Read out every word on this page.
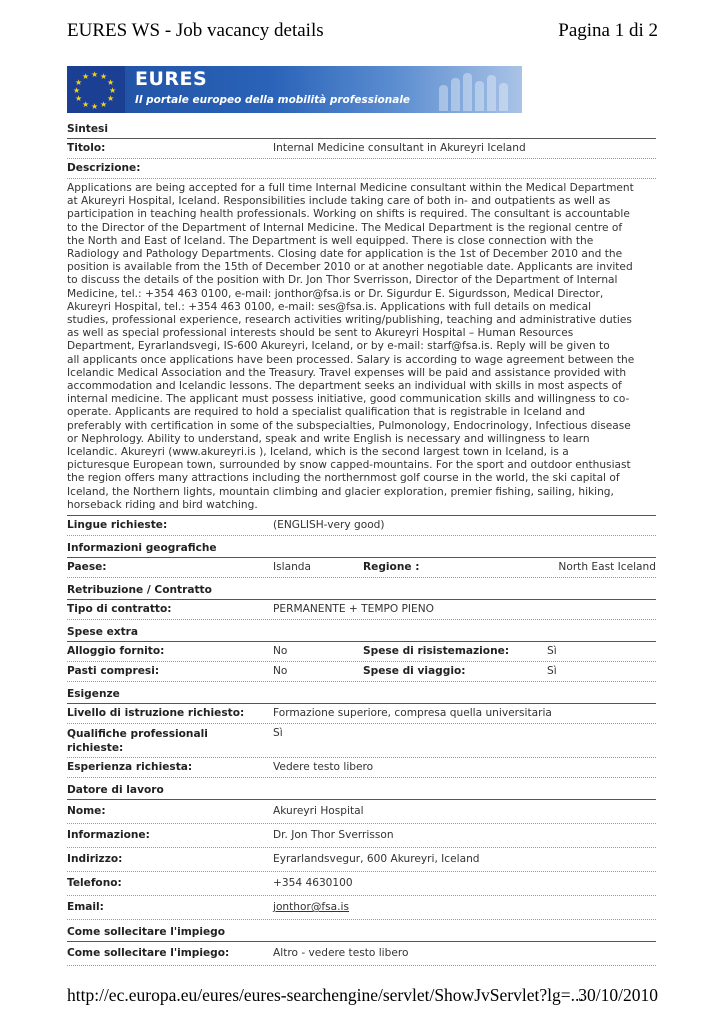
EURES WS - Job vacancy details	Pagina 1 di 2
★ ★
★
★
★
★
★
★
★
★
★
★ EURES
Il portale europeo della mobilità professionale
Sintesi
Titolo:	Internal Medicine consultant in Akureyri Iceland
Descrizione:

Applications are being accepted for a full time Internal Medicine consultant within the Medical Department
at Akureyri Hospital, Iceland. Responsibilities include taking care of both in- and outpatients as well as
participation in teaching health professionals. Working on shifts is required. The consultant is accountable
to the Director of the Department of Internal Medicine. The Medical Department is the regional centre of
the North and East of Iceland. The Department is well equipped. There is close connection with the
Radiology and Pathology Departments. Closing date for application is the 1st of December 2010 and the
position is available from the 15th of December 2010 or at another negotiable date. Applicants are invited
to discuss the details of the position with Dr. Jon Thor Sverrisson, Director of the Department of Internal
Medicine, tel.: +354 463 0100, e-mail: jonthor@fsa.is or Dr. Sigurdur E. Sigurdsson, Medical Director,
Akureyri Hospital, tel.: +354 463 0100, e-mail: ses@fsa.is. Applications with full details on medical
studies, professional experience, research activities writing/publishing, teaching and administrative duties
as well as special professional interests should be sent to Akureyri Hospital – Human Resources
Department, Eyrarlandsvegi, IS-600 Akureyri, Iceland, or by e-mail: starf@fsa.is. Reply will be given to
all applicants once applications have been processed. Salary is according to wage agreement between the
Icelandic Medical Association and the Treasury. Travel expenses will be paid and assistance provided with
accommodation and Icelandic lessons. The department seeks an individual with skills in most aspects of
internal medicine. The applicant must possess initiative, good communication skills and willingness to co-
operate. Applicants are required to hold a specialist qualification that is registrable in Iceland and
preferably with certification in some of the subspecialties, Pulmonology, Endocrinology, Infectious disease
or Nephrology. Ability to understand, speak and write English is necessary and willingness to learn
Icelandic. Akureyri (www.akureyri.is ), Iceland, which is the second largest town in Iceland, is a
picturesque European town, surrounded by snow capped-mountains. For the sport and outdoor enthusiast
the region offers many attractions including the northernmost golf course in the world, the ski capital of
Iceland, the Northern lights, mountain climbing and glacier exploration, premier fishing, sailing, hiking,
horseback riding and bird watching.
Lingue richieste:	(ENGLISH-very good)
Informazioni geografiche
Paese:	Islanda	Regione :	North East Iceland

Retribuzione / Contratto
Tipo di contratto:	PERMANENTE + TEMPO PIENO
Spese extra
Alloggio fornito:	No	Spese di risistemazione:	Sì

Pasti compresi:	No	Spese di viaggio:	Sì

Esigenze
Livello di istruzione richiesto:	Formazione superiore, compresa quella universitaria
Qualifiche professionali
richieste:
Sì
Esperienza richiesta:	Vedere testo libero
Datore di lavoro
Nome:	Akureyri Hospital
Informazione:	Dr. Jon Thor Sverrisson
Indirizzo:	Eyrarlandsvegur, 600 Akureyri, Iceland
Telefono:	+354 4630100
Email:	jonthor@fsa.is
Come sollecitare l'impiego
Come sollecitare l'impiego:	Altro - vedere testo libero
http://ec.europa.eu/eures/eures-searchengine/servlet/ShowJvServlet?lg=...
30/10/2010
